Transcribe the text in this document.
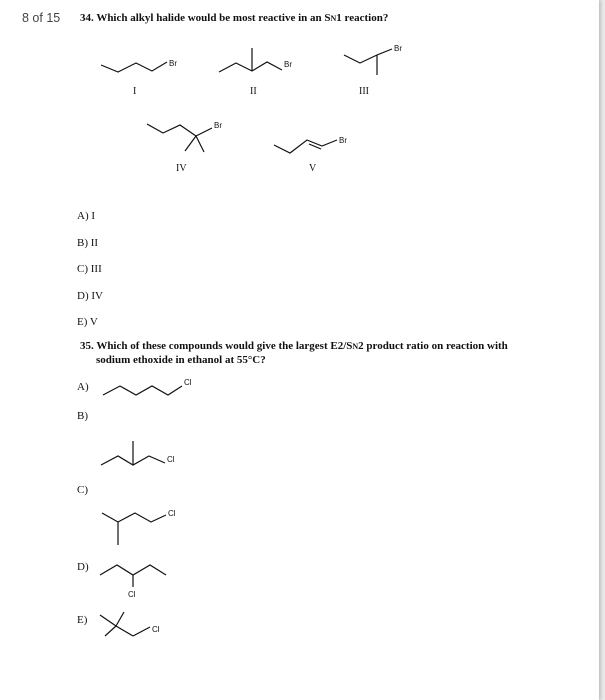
8 of 15 34. Which alkyl halide would be most reactive in an SN1 reaction?
Br
I
Br
II
Br
III
Br
IV
Br
V
A) I
B) II
C) III
D) IV
E) V
35. Which of these compounds would give the largest E2/SN2 product ratio on reaction with
sodium ethoxide in ethanol at 55°C?
A)	Cl
B)
Cl
C)
Cl
D)
Cl
E)
Cl
